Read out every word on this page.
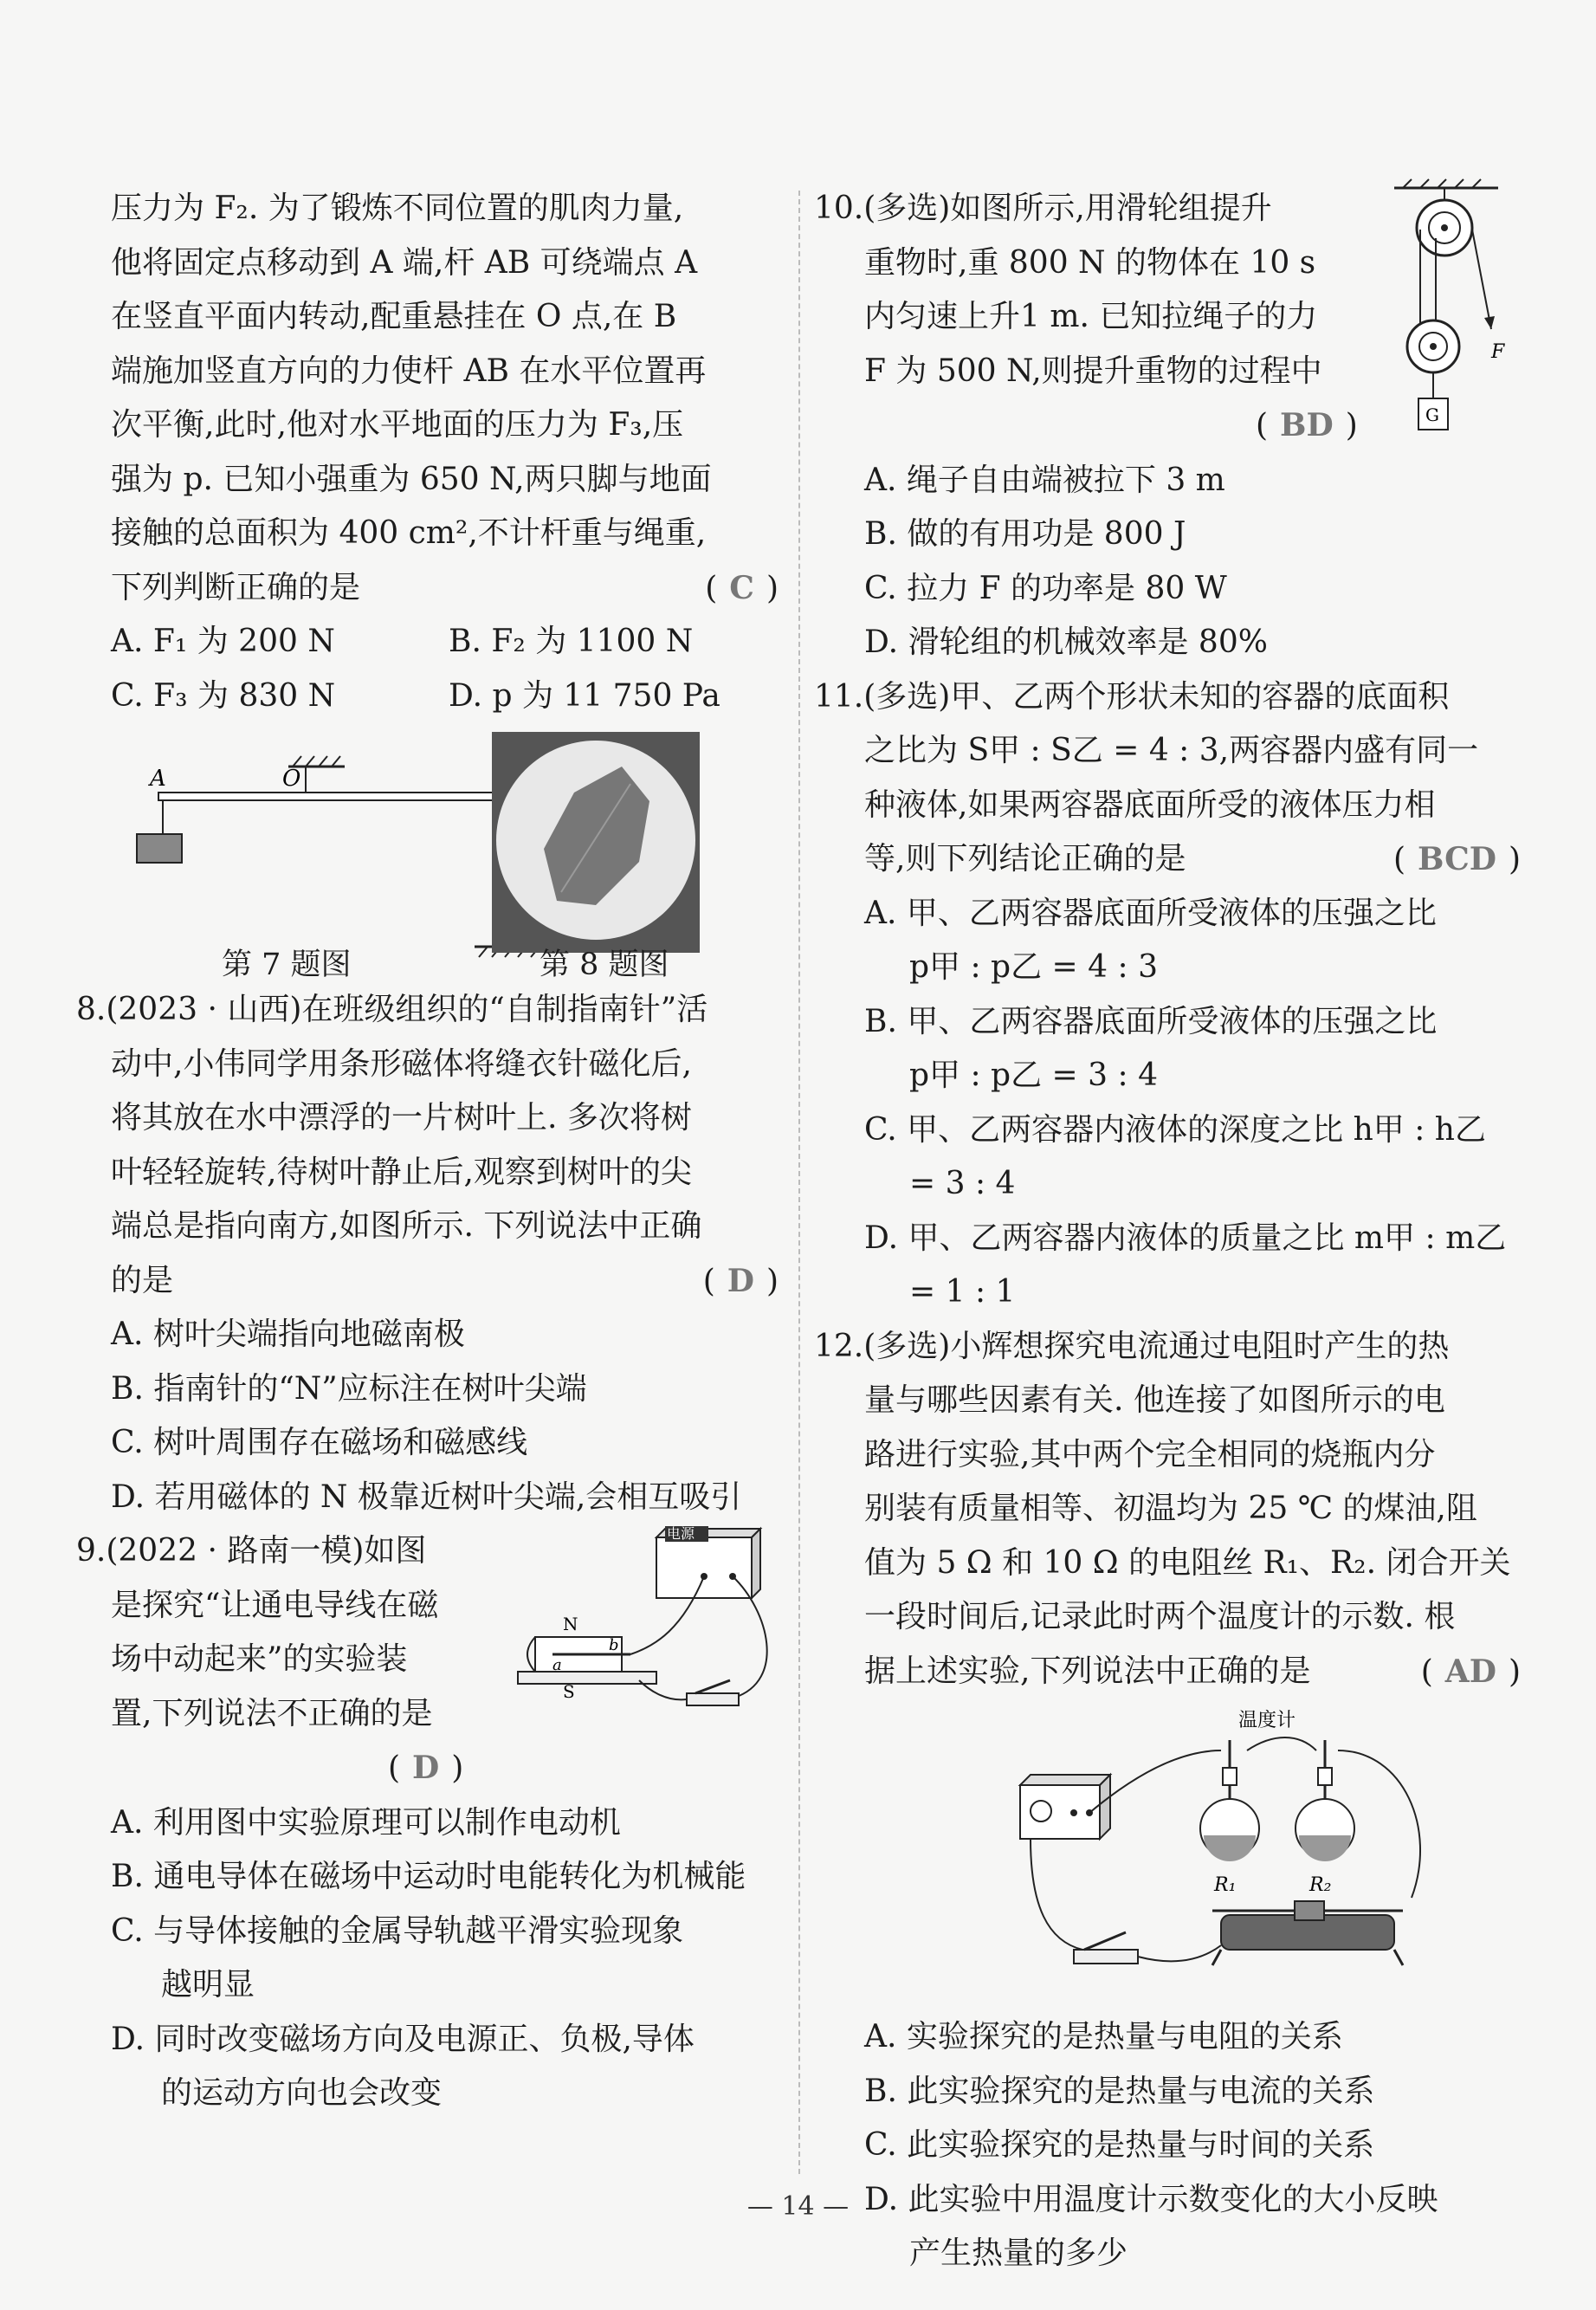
压力为 F₂. 为了锻炼不同位置的肌肉力量,

他将固定点移动到 A 端,杆 AB 可绕端点 A

在竖直平面内转动,配重悬挂在 O 点,在 B

端施加竖直方向的力使杆 AB 在水平位置再

次平衡,此时,他对水平地面的压力为 F₃,压

强为 p. 已知小强重为 650 N,两只脚与地面

接触的总面积为 400 cm²,不计杆重与绳重,

下列判断正确的是	( C )

A. F₁ 为 200 N	B. F₂ 为 1100 N
C. F₃ 为 830 N	D. p 为 11 750 Pa
A	O
第 7 题图	第 8 题图

8.(2023 · 山西)在班级组织的“自制指南针”活

动中,小伟同学用条形磁体将缝衣针磁化后,

将其放在水中漂浮的一片树叶上. 多次将树

叶轻轻旋转,待树叶静止后,观察到树叶的尖

端总是指向南方,如图所示. 下列说法中正确

的是	( D )

A. 树叶尖端指向地磁南极

B. 指南针的“N”应标注在树叶尖端

C. 树叶周围存在磁场和磁感线

D. 若用磁体的 N 极靠近树叶尖端,会相互吸引

9.(2022 · 路南一模)如图

是探究“让通电导线在磁

场中动起来”的实验装

置,下列说法不正确的是

( D )

电源
N
S
a
b

A. 利用图中实验原理可以制作电动机

B. 通电导体在磁场中运动时电能转化为机械能

C. 与导体接触的金属导轨越平滑实验现象

越明显

D. 同时改变磁场方向及电源正、负极,导体

的运动方向也会改变

10.(多选)如图所示,用滑轮组提升

重物时,重 800 N 的物体在 10 s

内匀速上升1 m. 已知拉绳子的力

F 为 500 N,则提升重物的过程中

( BD )

F
G

A. 绳子自由端被拉下 3 m

B. 做的有用功是 800 J

C. 拉力 F 的功率是 80 W

D. 滑轮组的机械效率是 80%

11.(多选)甲、乙两个形状未知的容器的底面积

之比为 S甲 : S乙 = 4 : 3,两容器内盛有同一

种液体,如果两容器底面所受的液体压力相

等,则下列结论正确的是	( BCD )

A. 甲、乙两容器底面所受液体的压强之比

p甲 : p乙 = 4 : 3

B. 甲、乙两容器底面所受液体的压强之比

p甲 : p乙 = 3 : 4

C. 甲、乙两容器内液体的深度之比 h甲 : h乙

= 3 : 4

D. 甲、乙两容器内液体的质量之比 m甲 : m乙

= 1 : 1

12.(多选)小辉想探究电流通过电阻时产生的热

量与哪些因素有关. 他连接了如图所示的电

路进行实验,其中两个完全相同的烧瓶内分

别装有质量相等、初温均为 25 ℃ 的煤油,阻

值为 5 Ω 和 10 Ω 的电阻丝 R₁、R₂. 闭合开关

一段时间后,记录此时两个温度计的示数. 根

据上述实验,下列说法中正确的是	( AD )

温度计
R₁	R₂

A. 实验探究的是热量与电阻的关系

B. 此实验探究的是热量与电流的关系

C. 此实验探究的是热量与时间的关系

D. 此实验中用温度计示数变化的大小反映

产生热量的多少

— 14 —
